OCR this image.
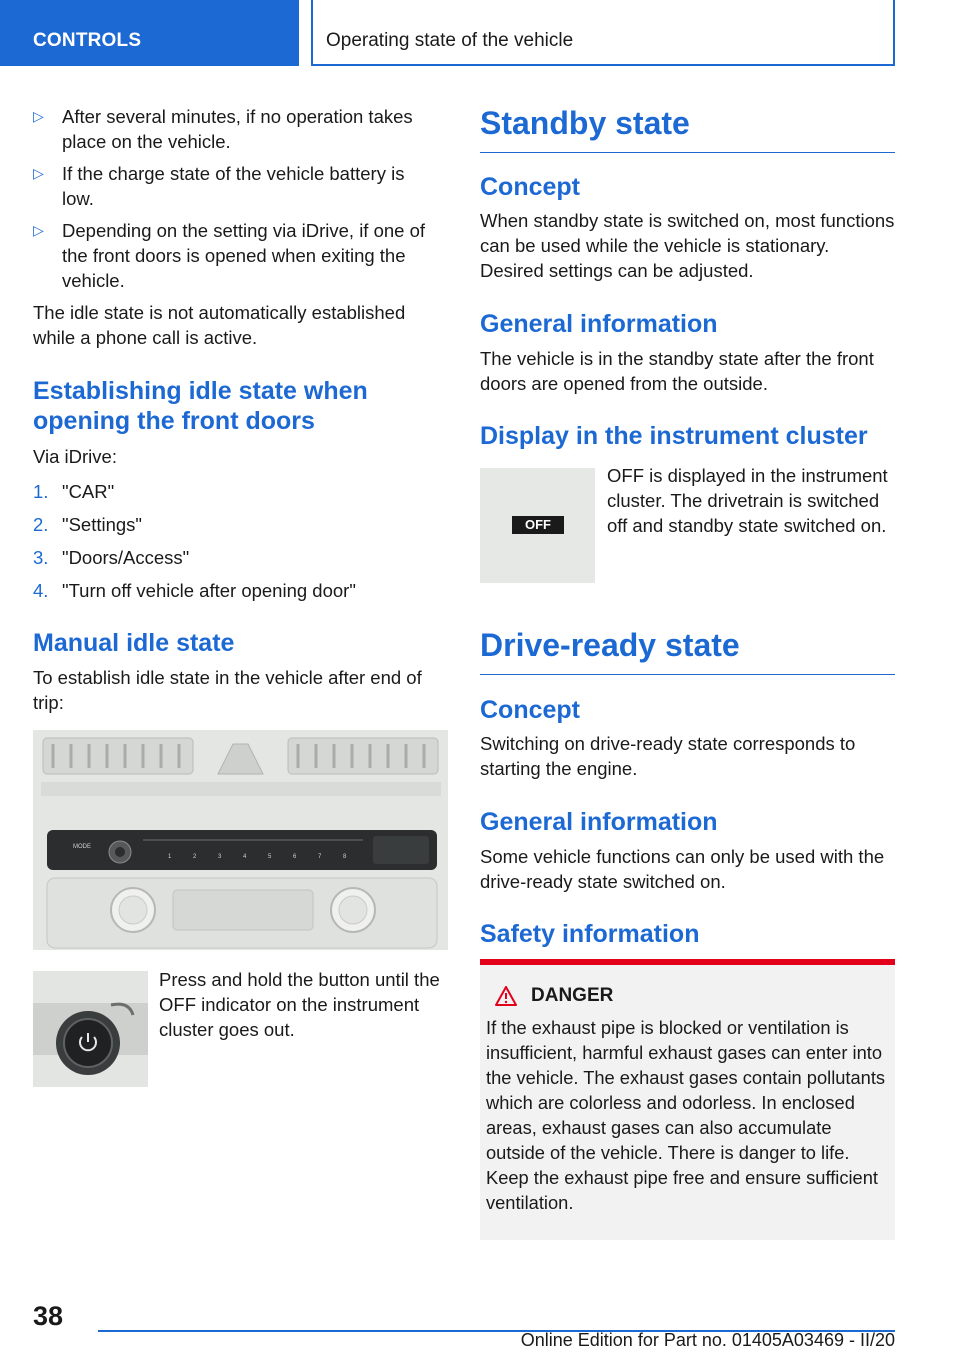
CONTROLS	Operating state of the vehicle
▷ After several minutes, if no operation takes place on the vehicle.
▷ If the charge state of the vehicle battery is low.
▷ Depending on the setting via iDrive, if one of the front doors is opened when exiting the vehicle.
The idle state is not automatically established while a phone call is active.
Establishing idle state when opening the front doors
Via iDrive:
1. "CAR"
2. "Settings"
3. "Doors/Access"
4. "Turn off vehicle after opening door"
Manual idle state
To establish idle state in the vehicle after end of trip:
MODE
1	2	3	4	5	6	7	8
Press and hold the button until the OFF indicator on the instrument cluster goes out.
Standby state
Concept
When standby state is switched on, most functions can be used while the vehicle is stationary. Desired settings can be adjusted.
General information
The vehicle is in the standby state after the front doors are opened from the outside.
Display in the instrument cluster
OFF
OFF is displayed in the instrument cluster. The drivetrain is switched off and standby state switched on.
Drive-ready state
Concept
Switching on drive-ready state corresponds to starting the engine.
General information
Some vehicle functions can only be used with the drive-ready state switched on.
Safety information
DANGER
If the exhaust pipe is blocked or ventilation is insufficient, harmful exhaust gases can enter into the vehicle. The exhaust gases contain pollutants which are colorless and odorless. In enclosed areas, exhaust gases can also accumulate outside of the vehicle. There is danger to life. Keep the exhaust pipe free and ensure sufficient ventilation.
38
Online Edition for Part no. 01405A03469 - II/20
